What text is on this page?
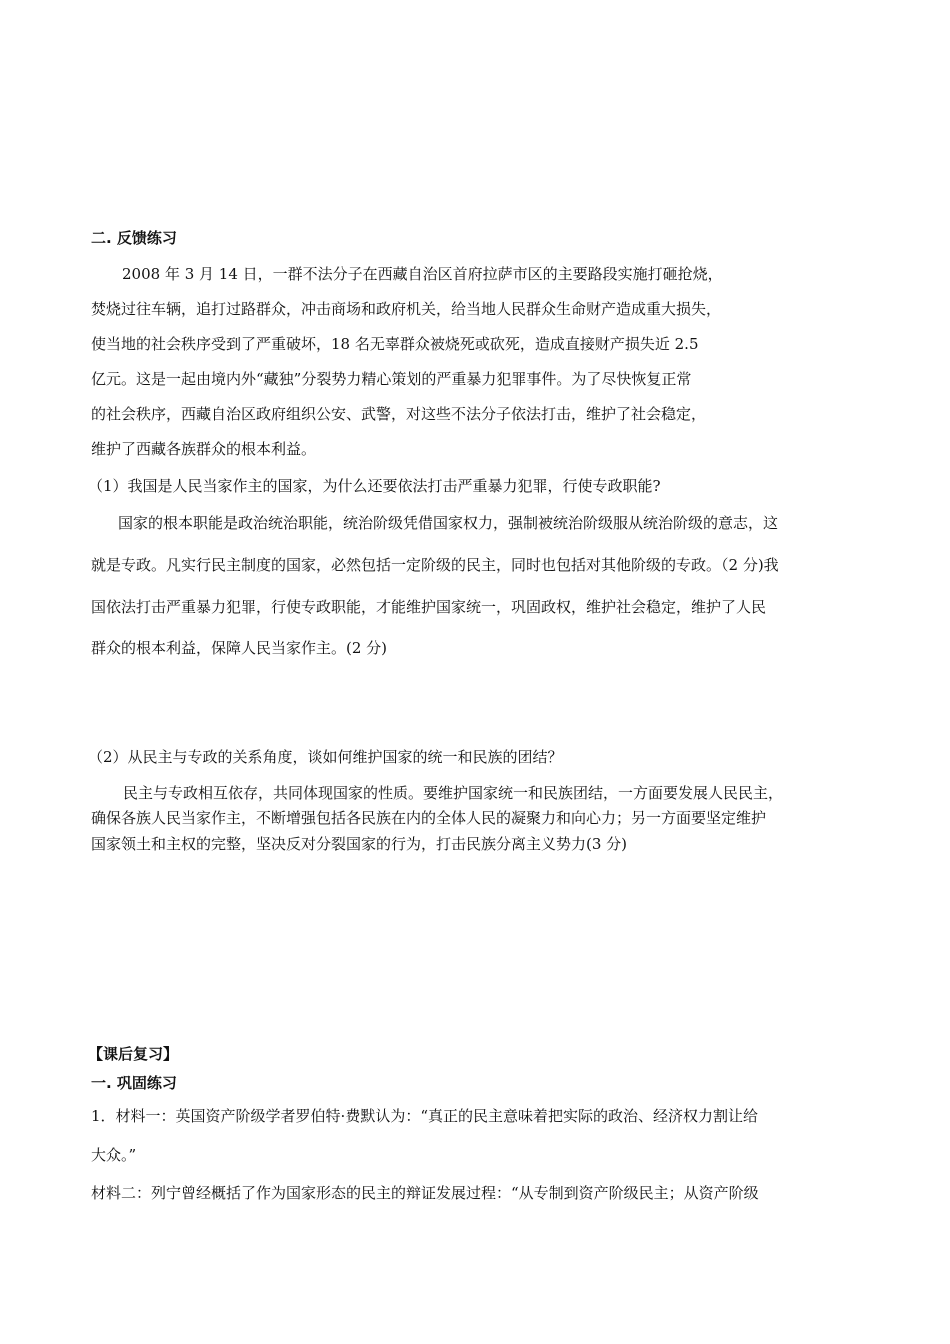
二. 反馈练习
2008 年 3 月 14 日，一群不法分子在西藏自治区首府拉萨市区的主要路段实施打砸抢烧，
焚烧过往车辆，追打过路群众，冲击商场和政府机关，给当地人民群众生命财产造成重大损失，
使当地的社会秩序受到了严重破坏，18 名无辜群众被烧死或砍死，造成直接财产损失近 2.5
亿元。这是一起由境内外“藏独”分裂势力精心策划的严重暴力犯罪事件。为了尽快恢复正常
的社会秩序，西藏自治区政府组织公安、武警，对这些不法分子依法打击，维护了社会稳定，
维护了西藏各族群众的根本利益。
（1）我国是人民当家作主的国家，为什么还要依法打击严重暴力犯罪，行使专政职能?
国家的根本职能是政治统治职能，统治阶级凭借国家权力，强制被统治阶级服从统治阶级的意志，这
就是专政。凡实行民主制度的国家，必然包括一定阶级的民主，同时也包括对其他阶级的专政。（2 分)我
国依法打击严重暴力犯罪，行使专政职能，才能维护国家统一，巩固政权，维护社会稳定，维护了人民
群众的根本利益，保障人民当家作主。(2 分)
（2）从民主与专政的关系角度，谈如何维护国家的统一和民族的团结？
民主与专政相互依存，共同体现国家的性质。要维护国家统一和民族团结，一方面要发展人民民主，
确保各族人民当家作主，不断增强包括各民族在内的全体人民的凝聚力和向心力；另一方面要坚定维护
国家领土和主权的完整，坚决反对分裂国家的行为，打击民族分离主义势力(3 分)
【课后复习】
一. 巩固练习
1．材料一：英国资产阶级学者罗伯特·费默认为：“真正的民主意味着把实际的政治、经济权力割让给
大众。”
材料二：列宁曾经概括了作为国家形态的民主的辩证发展过程：“从专制到资产阶级民主；从资产阶级
